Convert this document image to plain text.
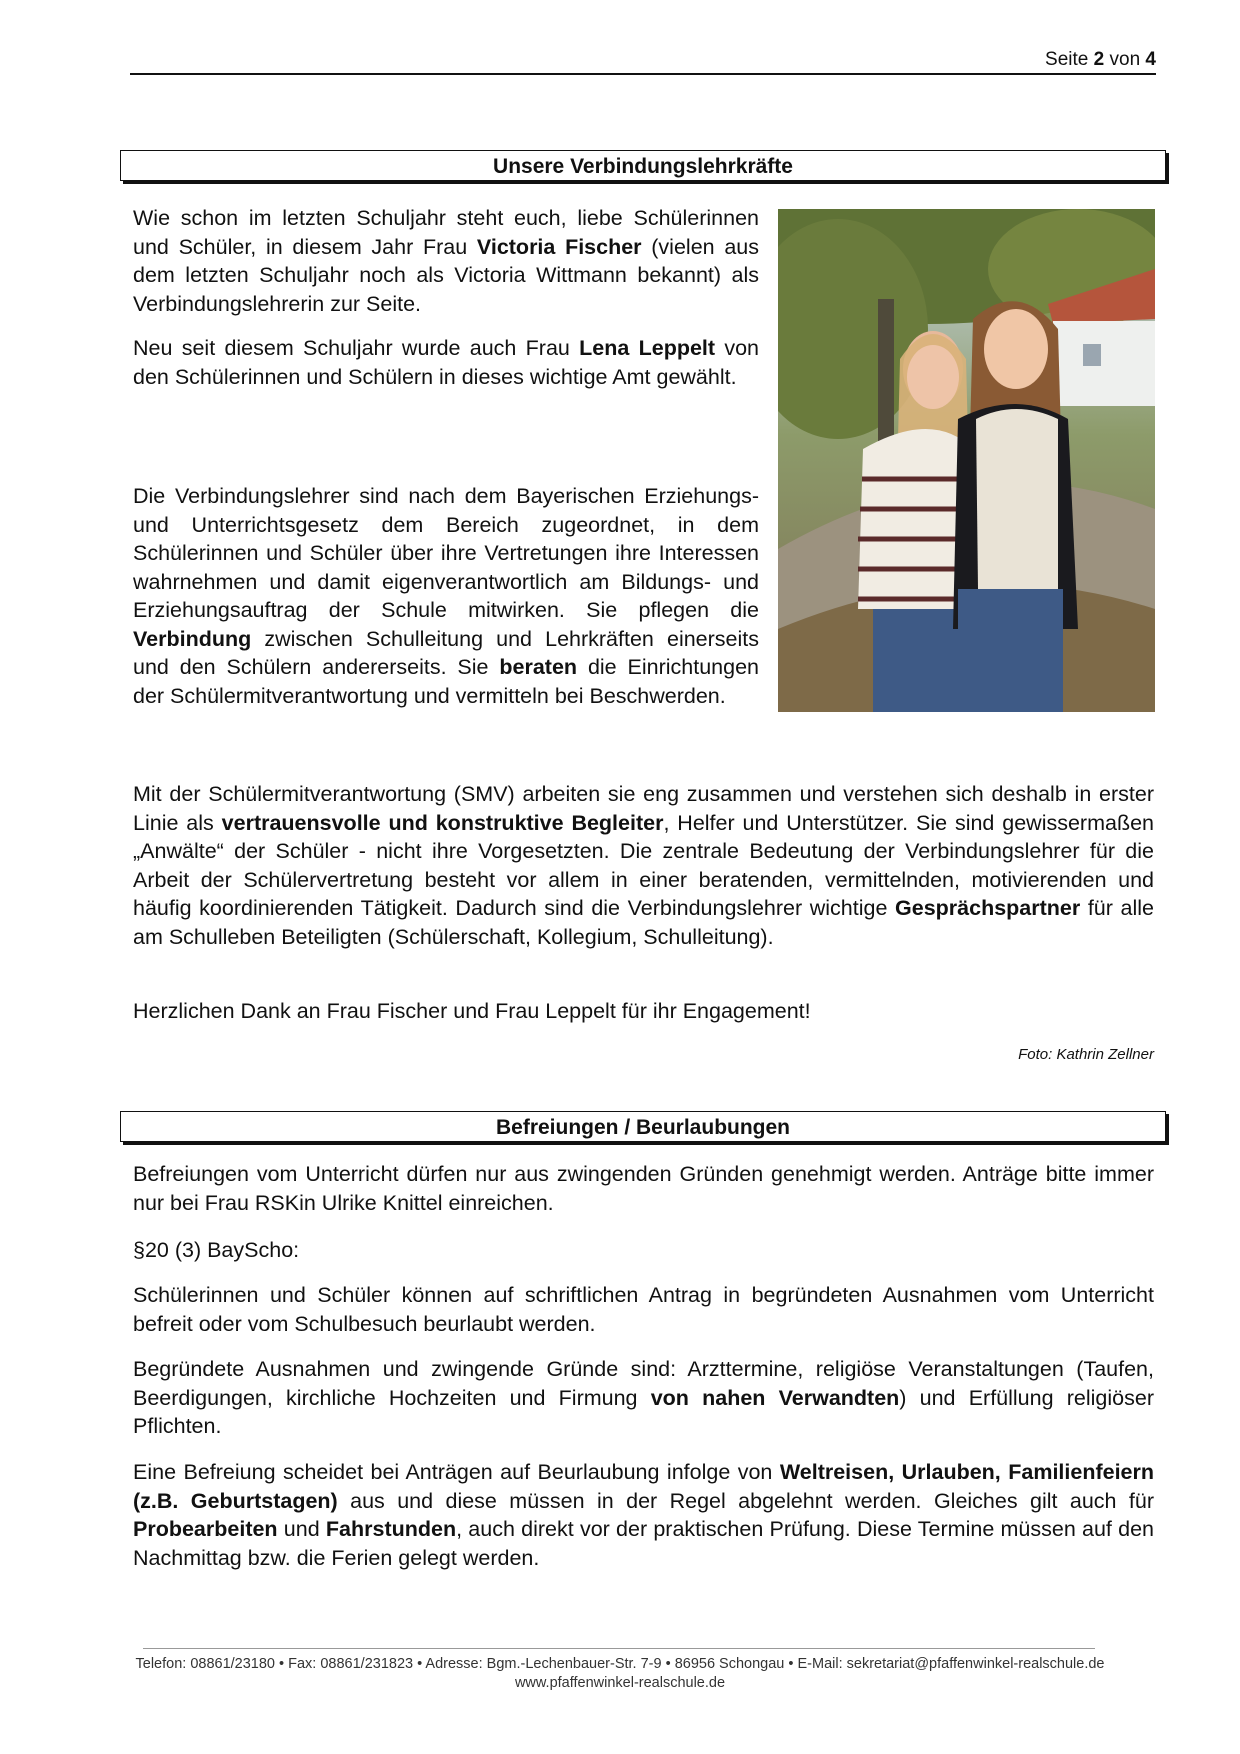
Seite 2 von 4
Unsere Verbindungslehrkräfte

Wie schon im letzten Schuljahr steht euch, liebe Schülerinnen und Schüler, in diesem Jahr Frau Victoria Fischer (vielen aus dem letzten Schuljahr noch als Victoria Wittmann bekannt) als Verbindungslehrerin zur Seite.

Neu seit diesem Schuljahr wurde auch Frau Lena Leppelt von den Schülerinnen und Schülern in dieses wichtige Amt gewählt.

Die Verbindungslehrer sind nach dem Bayerischen Erziehungs- und Unterrichtsgesetz dem Bereich zugeordnet, in dem Schülerinnen und Schüler über ihre Vertretungen ihre Interessen wahrnehmen und damit eigenverantwortlich am Bildungs- und Erziehungsauftrag der Schule mitwirken. Sie pflegen die Verbindung zwischen Schulleitung und Lehrkräften einerseits und den Schülern andererseits. Sie beraten die Einrichtungen der Schülermitverantwortung und vermitteln bei Beschwerden.

Mit der Schülermitverantwortung (SMV) arbeiten sie eng zusammen und verstehen sich deshalb in erster Linie als vertrauensvolle und konstruktive Begleiter, Helfer und Unterstützer. Sie sind gewissermaßen „Anwälte“ der Schüler - nicht ihre Vorgesetzten. Die zentrale Bedeutung der Verbindungslehrer für die Arbeit der Schülervertretung besteht vor allem in einer beratenden, vermittelnden, motivierenden und häufig koordinierenden Tätigkeit. Dadurch sind die Verbindungslehrer wichtige Gesprächspartner für alle am Schulleben Beteiligten (Schülerschaft, Kollegium, Schulleitung).

Herzlichen Dank an Frau Fischer und Frau Leppelt für ihr Engagement!

Foto: Kathrin Zellner
Befreiungen / Beurlaubungen

Befreiungen vom Unterricht dürfen nur aus zwingenden Gründen genehmigt werden. Anträge bitte immer nur bei Frau RSKin Ulrike Knittel einreichen.

§20 (3) BayScho:

Schülerinnen und Schüler können auf schriftlichen Antrag in begründeten Ausnahmen vom Unterricht befreit oder vom Schulbesuch beurlaubt werden.

Begründete Ausnahmen und zwingende Gründe sind: Arzttermine, religiöse Veranstaltungen (Taufen, Beerdigungen, kirchliche Hochzeiten und Firmung von nahen Verwandten) und Erfüllung religiöser Pflichten.

Eine Befreiung scheidet bei Anträgen auf Beurlaubung infolge von Weltreisen, Urlauben, Familienfeiern (z.B. Geburtstagen) aus und diese müssen in der Regel abgelehnt werden. Gleiches gilt auch für Probearbeiten und Fahrstunden, auch direkt vor der praktischen Prüfung. Diese Termine müssen auf den Nachmittag bzw. die Ferien gelegt werden.

Telefon: 08861/23180 • Fax: 08861/231823 • Adresse: Bgm.-Lechenbauer-Str. 7-9 • 86956 Schongau • E-Mail: sekretariat@pfaffenwinkel-realschule.de
www.pfaffenwinkel-realschule.de
